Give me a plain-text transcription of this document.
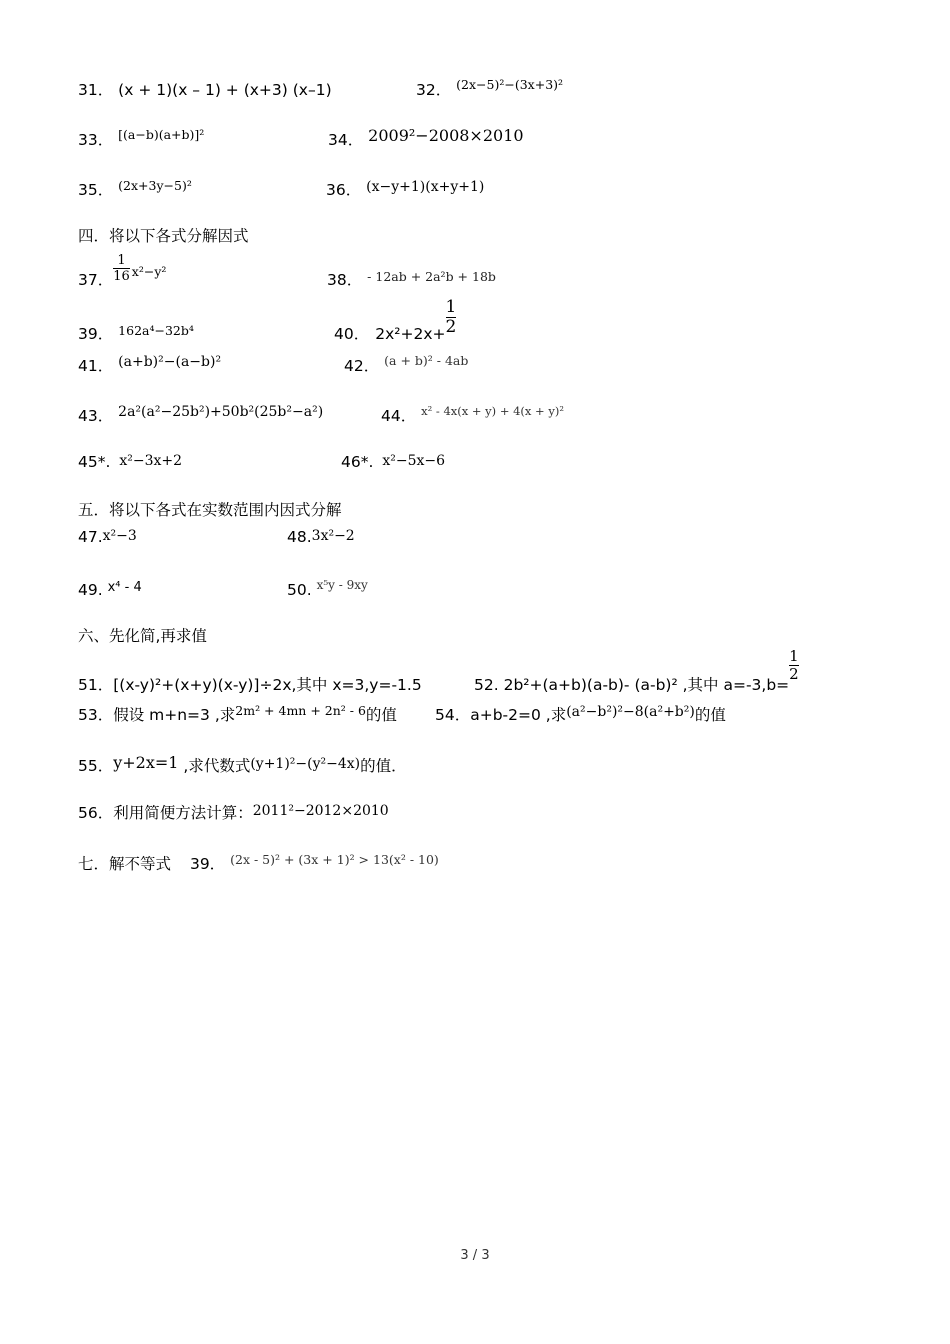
31． (x + 1)(x – 1) + (x+3) (x–1)	32． $^{(2x-5)^2-(3x+3)^2}$
33． $^{[(a-b)(a+b)]^2}$	34． 2009²−2008×2010
35． $^{(2x+3y-5)^2}$	36． (x−y+1)(x+y+1)
四．将以下各式分解因式
37． $\frac{1}{16} x^2-y^2$	38． $^{- 12ab + 2a^2b + 18b}$
39． $^{162a^4-32b^4}$	40． $2x^2+2x+ \frac{1}{2}$
41． (a+b)²−(a−b)²	42． $^{(a + b)^2 - 4ab}$
43． 2a²(a²−25b²)+50b²(25b²−a²)	44． $^{x^2 - 4x(x + y) + 4(x + y)^2}$
45*. x²−3x+2	46*. x²−5x−6
五．将以下各式在实数范围内因式分解
47.x²−3	48.3x²−2
49. $^{x^4 - 4}$	50. $^{x^5y - 9xy}$
六、先化简,再求值
51．[(x-y)²+(x+y)(x-y)]÷2x,其中 x=3,y=-1.5	52. 2b²+(a+b)(a-b)- (a-b)² ,其中 a=-3,b=
$\frac{1}{2}$
53．假设 m+n=3 ,求$^{2m^2 + 4mn + 2n^2 - 6}$的值 54．a+b-2=0 ,求(a²−b²)²−8(a²+b²)的值
55．y+2x=1 ,求代数式(y+1)²−(y²−4x)的值．
56．利用简便方法计算：2011²−2012×2010
七．解不等式 39． $^{(2x - 5)^2 + (3x + 1)^2 > 13(x^2 - 10)}$
3 / 3
